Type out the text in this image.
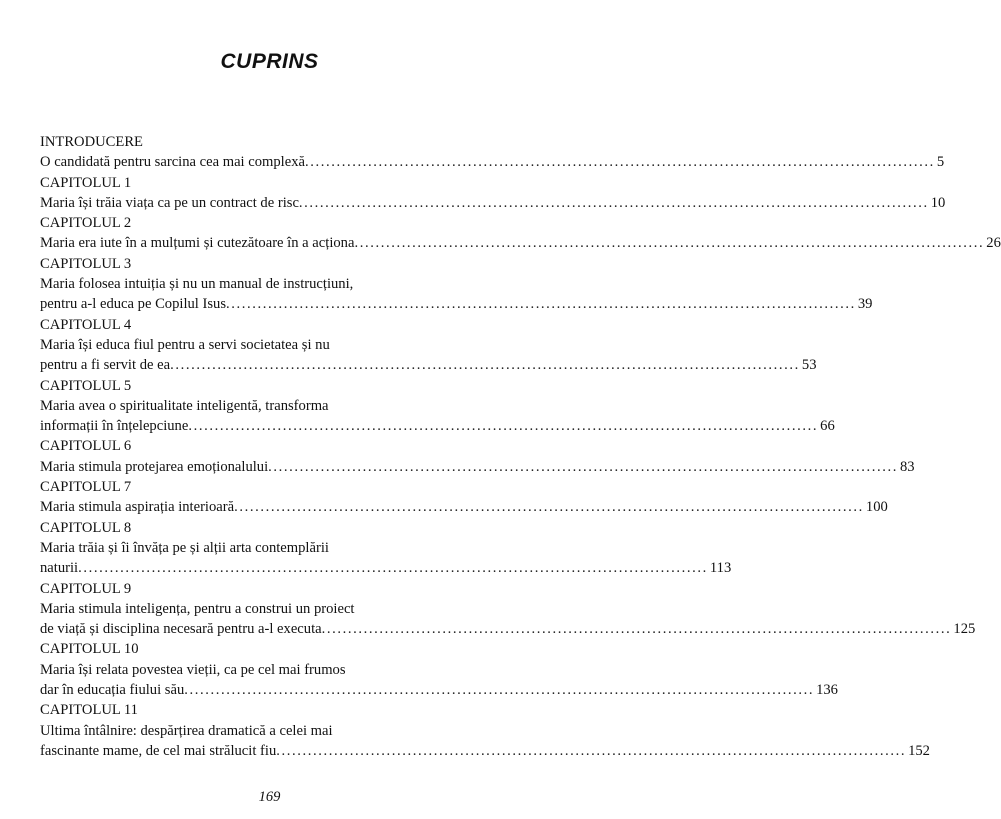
CUPRINS
INTRODUCERE
O candidată pentru sarcina cea mai complexă ........................................................................................................................ 5
CAPITOLUL 1
Maria își trăia viața ca pe un contract de risc ........................................................................................................................ 10
CAPITOLUL 2
Maria era iute în a mulțumi și cutezătoare în a acționa ........................................................................................................................ 26
CAPITOLUL 3
Maria folosea intuiția și nu un manual de instrucțiuni,
pentru a-l educa pe Copilul Isus ........................................................................................................................ 39
CAPITOLUL 4
Maria își educa fiul pentru a servi societatea și nu
pentru a fi servit de ea ........................................................................................................................ 53
CAPITOLUL 5
Maria avea o spiritualitate inteligentă, transforma
informații în înțelepciune ........................................................................................................................ 66
CAPITOLUL 6
Maria stimula protejarea emoționalului ........................................................................................................................ 83
CAPITOLUL 7
Maria stimula aspirația interioară ........................................................................................................................ 100
CAPITOLUL 8
Maria trăia și îi învăța pe și alții arta contemplării
naturii ........................................................................................................................ 113
CAPITOLUL 9
Maria stimula inteligența, pentru a construi un proiect
de viață și disciplina necesară pentru a-l executa ........................................................................................................................ 125
CAPITOLUL 10
Maria își relata povestea vieții, ca pe cel mai frumos
dar în educația fiului său ........................................................................................................................ 136
CAPITOLUL 11
Ultima întâlnire: despărțirea dramatică a celei mai
fascinante mame, de cel mai strălucit fiu ........................................................................................................................ 152
169
